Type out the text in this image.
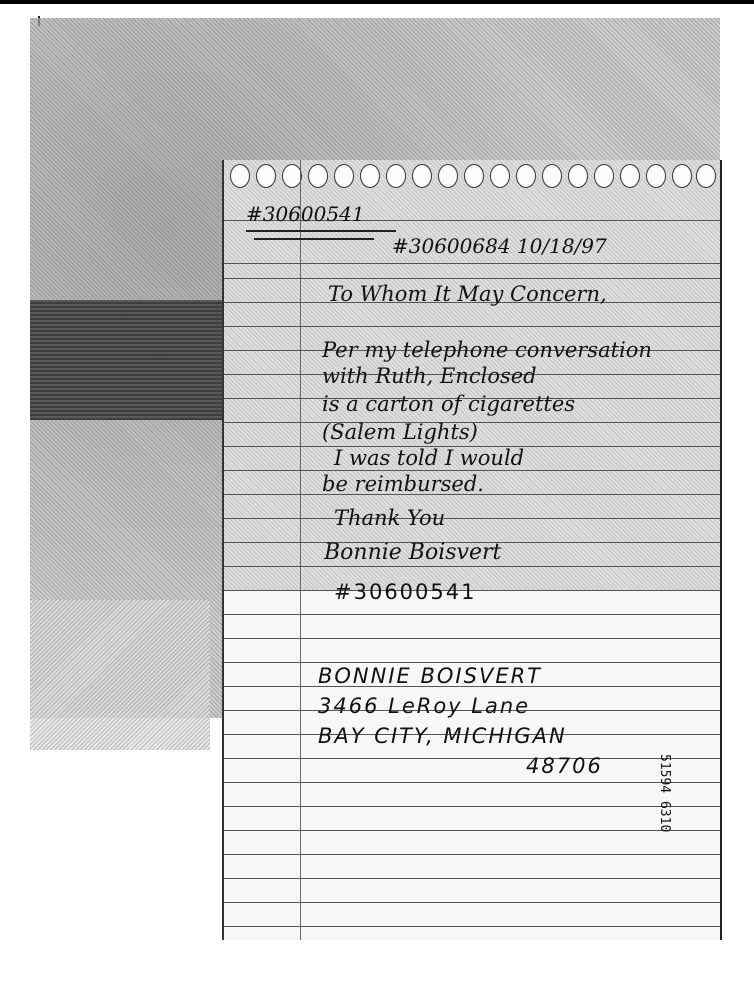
#30600541
#30600684 10/18/97
To Whom It May Concern,
Per my telephone conversation
with Ruth, Enclosed
is a carton of cigarettes
(Salem Lights)
I was told I would
be reimbursed.
Thank You
Bonnie Boisvert
#30600541
BONNIE BOISVERT
3466 LeRoy Lane
BAY CITY, MICHIGAN
48706	51594 6310
